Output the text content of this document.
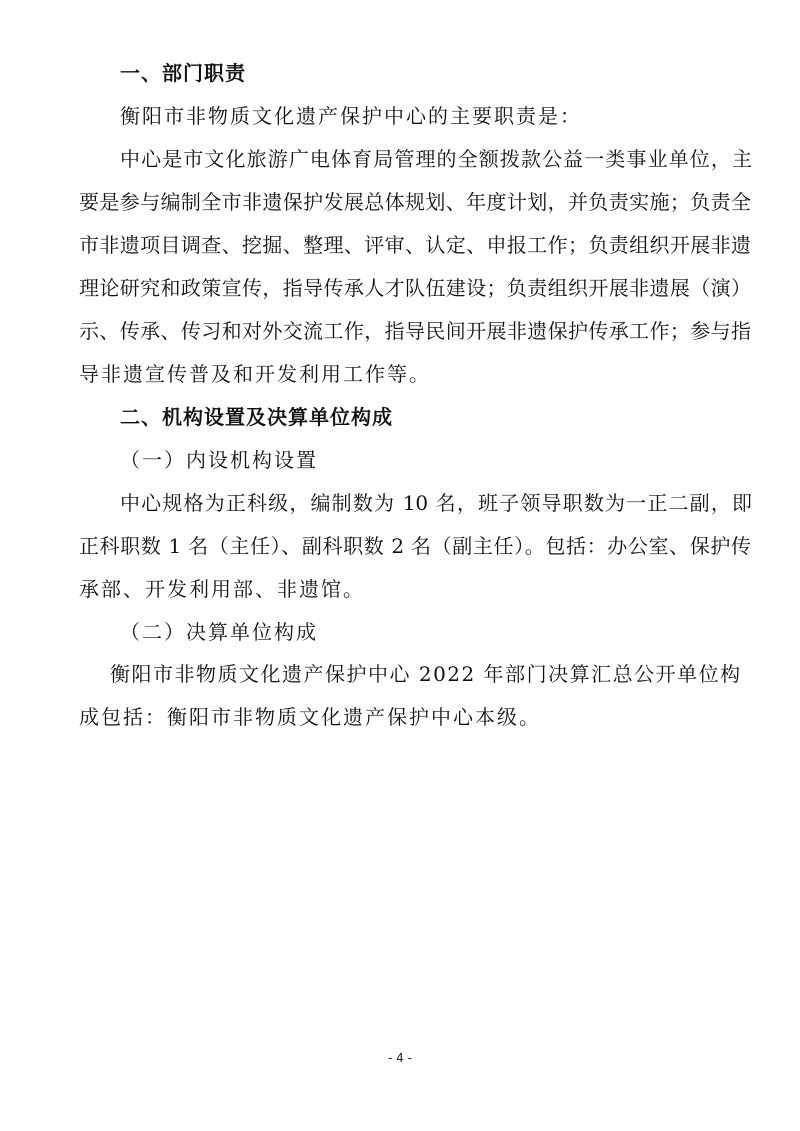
一、部门职责
衡阳市非物质文化遗产保护中心的主要职责是：
中心是市文化旅游广电体育局管理的全额拨款公益一类事业单位，主
要是参与编制全市非遗保护发展总体规划、年度计划，并负责实施；负责全
市非遗项目调查、挖掘、整理、评审、认定、申报工作；负责组织开展非遗
理论研究和政策宣传，指导传承人才队伍建设；负责组织开展非遗展（演）
示、传承、传习和对外交流工作，指导民间开展非遗保护传承工作；参与指
导非遗宣传普及和开发利用工作等。
二、机构设置及决算单位构成
（一）内设机构设置
中心规格为正科级，编制数为 10 名，班子领导职数为一正二副，即
正科职数 1 名（主任）、副科职数 2 名（副主任）。包括：办公室、保护传
承部、开发利用部、非遗馆。
（二）决算单位构成
衡阳市非物质文化遗产保护中心 2022 年部门决算汇总公开单位构
成包括：衡阳市非物质文化遗产保护中心本级。
- 4 -
